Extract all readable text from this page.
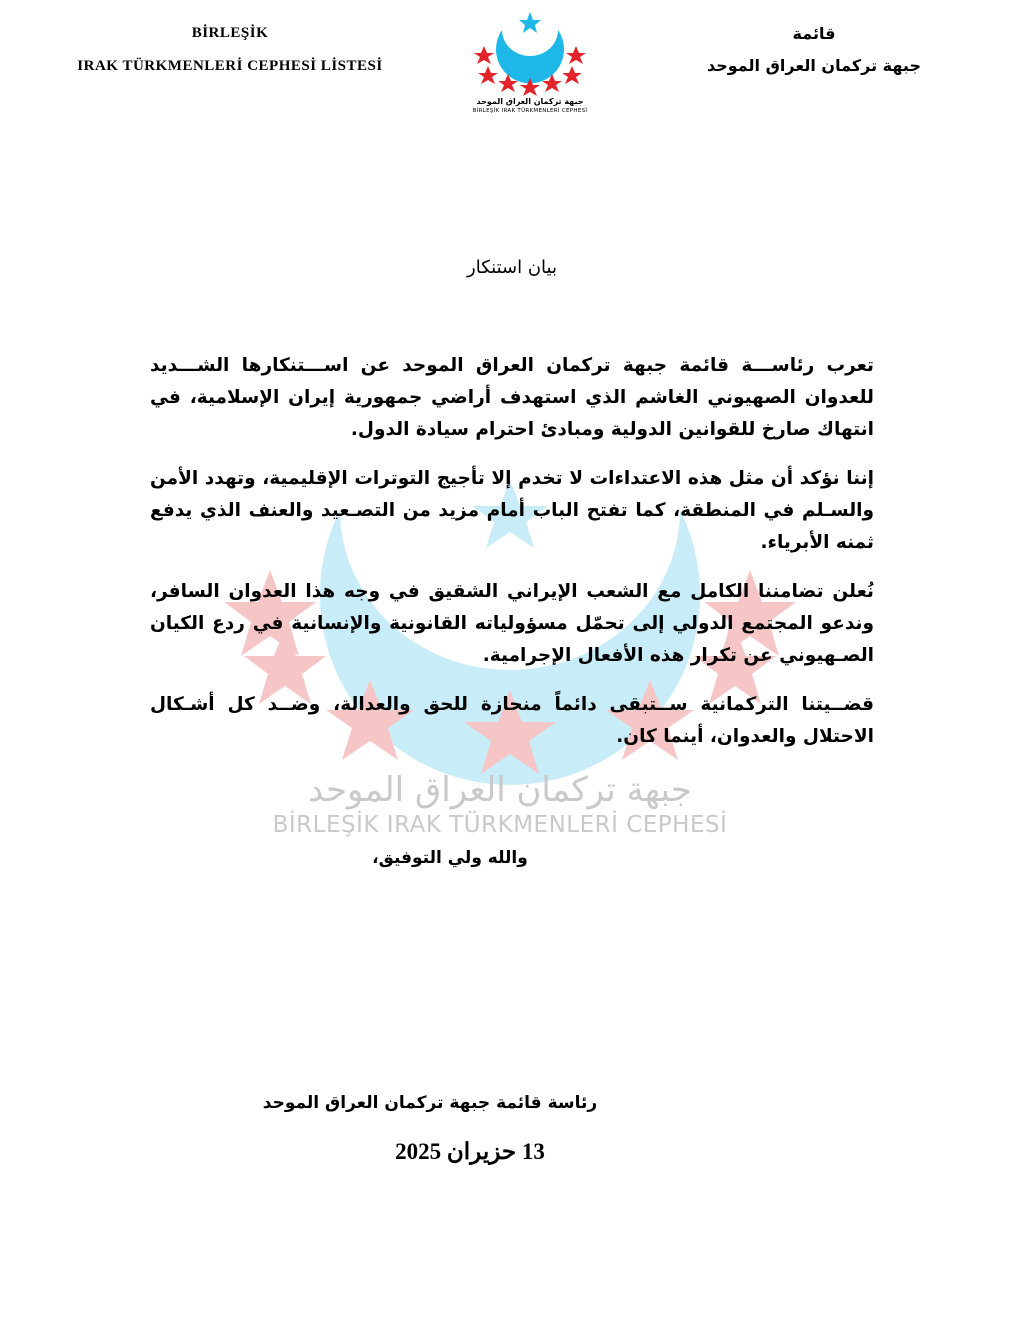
جبهة تركمان العراق الموحد
BİRLEŞİK IRAK TÜRKMENLERİ CEPHESİ
BİRLEŞİK
IRAK TÜRKMENLERİ CEPHESİ LİSTESİ
جبهة تركمان العراق الموحد
BİRLEŞİK IRAK TÜRKMENLERİ CEPHESİ
قائمة
جبهة تركمان العراق الموحد
بيان استنكار

تعرب رئاســـة قائمة جبهة تركمان العراق الموحد عن اســـتنكارها الشـــديد للعدوان الصهيوني الغاشم الذي استهدف أراضي جمهورية إيران الإسلامية، في انتهاك صارخ للقوانين الدولية ومبادئ احترام سيادة الدول.

إننا نؤكد أن مثل هذه الاعتداءات لا تخدم إلا تأجيج التوترات الإقليمية، وتهدد الأمن والسـلم في المنطقة، كما تفتح الباب أمام مزيد من التصـعيد والعنف الذي يدفع ثمنه الأبرياء.

نُعلن تضامننا الكامل مع الشعب الإيراني الشقيق في وجه هذا العدوان السافر، وندعو المجتمع الدولي إلى تحمّل مسؤولياته القانونية والإنسانية في ردع الكيان الصـهيوني عن تكرار هذه الأفعال الإجرامية.

قضــيتنا التركمانية ســتبقى دائماً منحازة للحق والعدالة، وضــد كل أشـكال الاحتلال والعدوان، أينما كان.

والله ولي التوفيق،
رئاسة قائمة جبهة تركمان العراق الموحد
13 حزيران 2025
